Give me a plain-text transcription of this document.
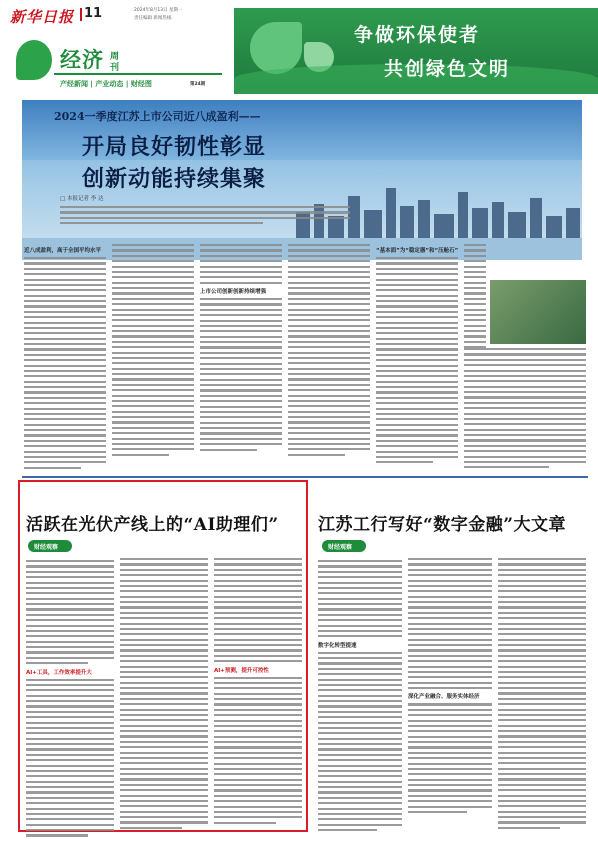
新华日报 11	2024年8月13日 星期一
责任编辑 新闻热线
经济 周刊
产经新闻 | 产业动态 | 财经图	第24期
争做环保使者
共创绿色文明
2024一季度江苏上市公司近八成盈利——
开局良好韧性彰显
创新动能持续集聚
□ 本报记者 李 达
近八成盈利，高于全国平均水平
上市公司创新创新持续增强
“基本面”为“稳定器”和“压舱石”
活跃在光伏产线上的“AI助理们”
财经观察
AI+工具，工作效率提升大	AI+预测，提升可控性
江苏工行写好“数字金融”大文章
财经观察
数字化转型提速
深化产业融合、服务实体经济
